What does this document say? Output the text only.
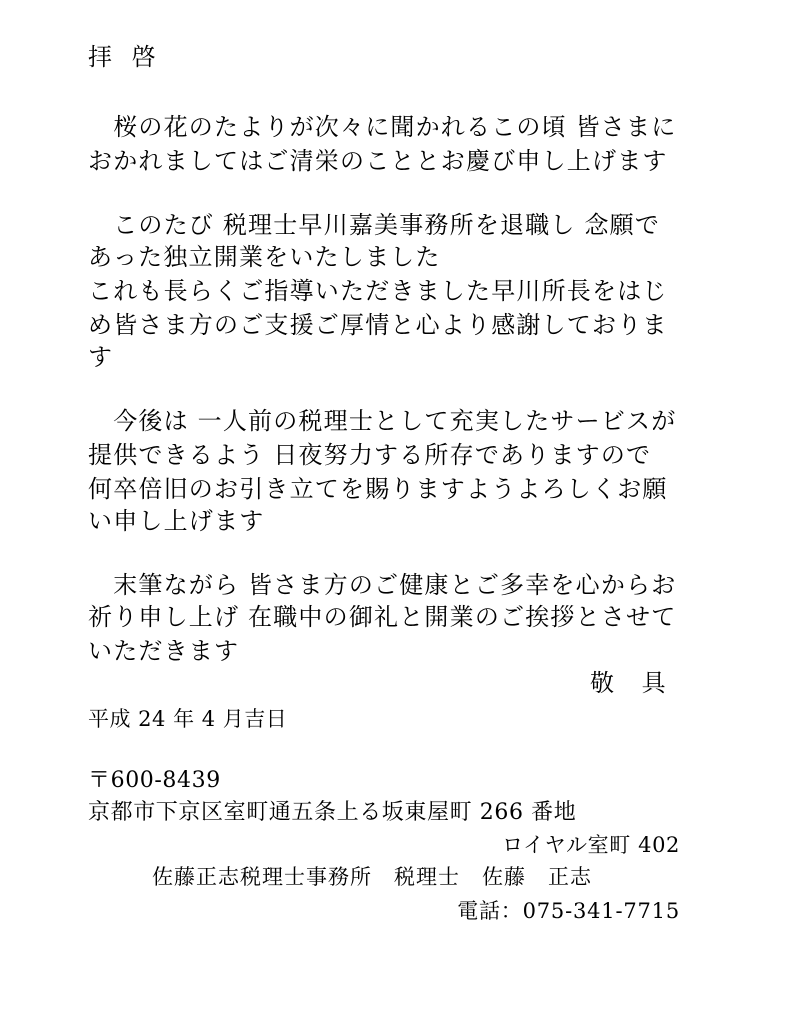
拝 啓
　桜の花のたよりが次々に聞かれるこの頃 皆さまに
おかれましてはご清栄のこととお慶び申し上げます
　このたび 税理士早川嘉美事務所を退職し 念願で
あった独立開業をいたしました
これも長らくご指導いただきました早川所長をはじ
め皆さま方のご支援ご厚情と心より感謝しておりま
す
　今後は 一人前の税理士として充実したサービスが
提供できるよう 日夜努力する所存でありますので
何卒倍旧のお引き立てを賜りますようよろしくお願
い申し上げます
　末筆ながら 皆さま方のご健康とご多幸を心からお
祈り申し上げ 在職中の御礼と開業のご挨拶とさせて
いただきます
敬 具
平成 24 年 4 月吉日
〒600-8439
京都市下京区室町通五条上る坂東屋町 266 番地
ロイヤル室町 402
佐藤正志税理士事務所　税理士　佐藤　正志
電話：075-341-7715
